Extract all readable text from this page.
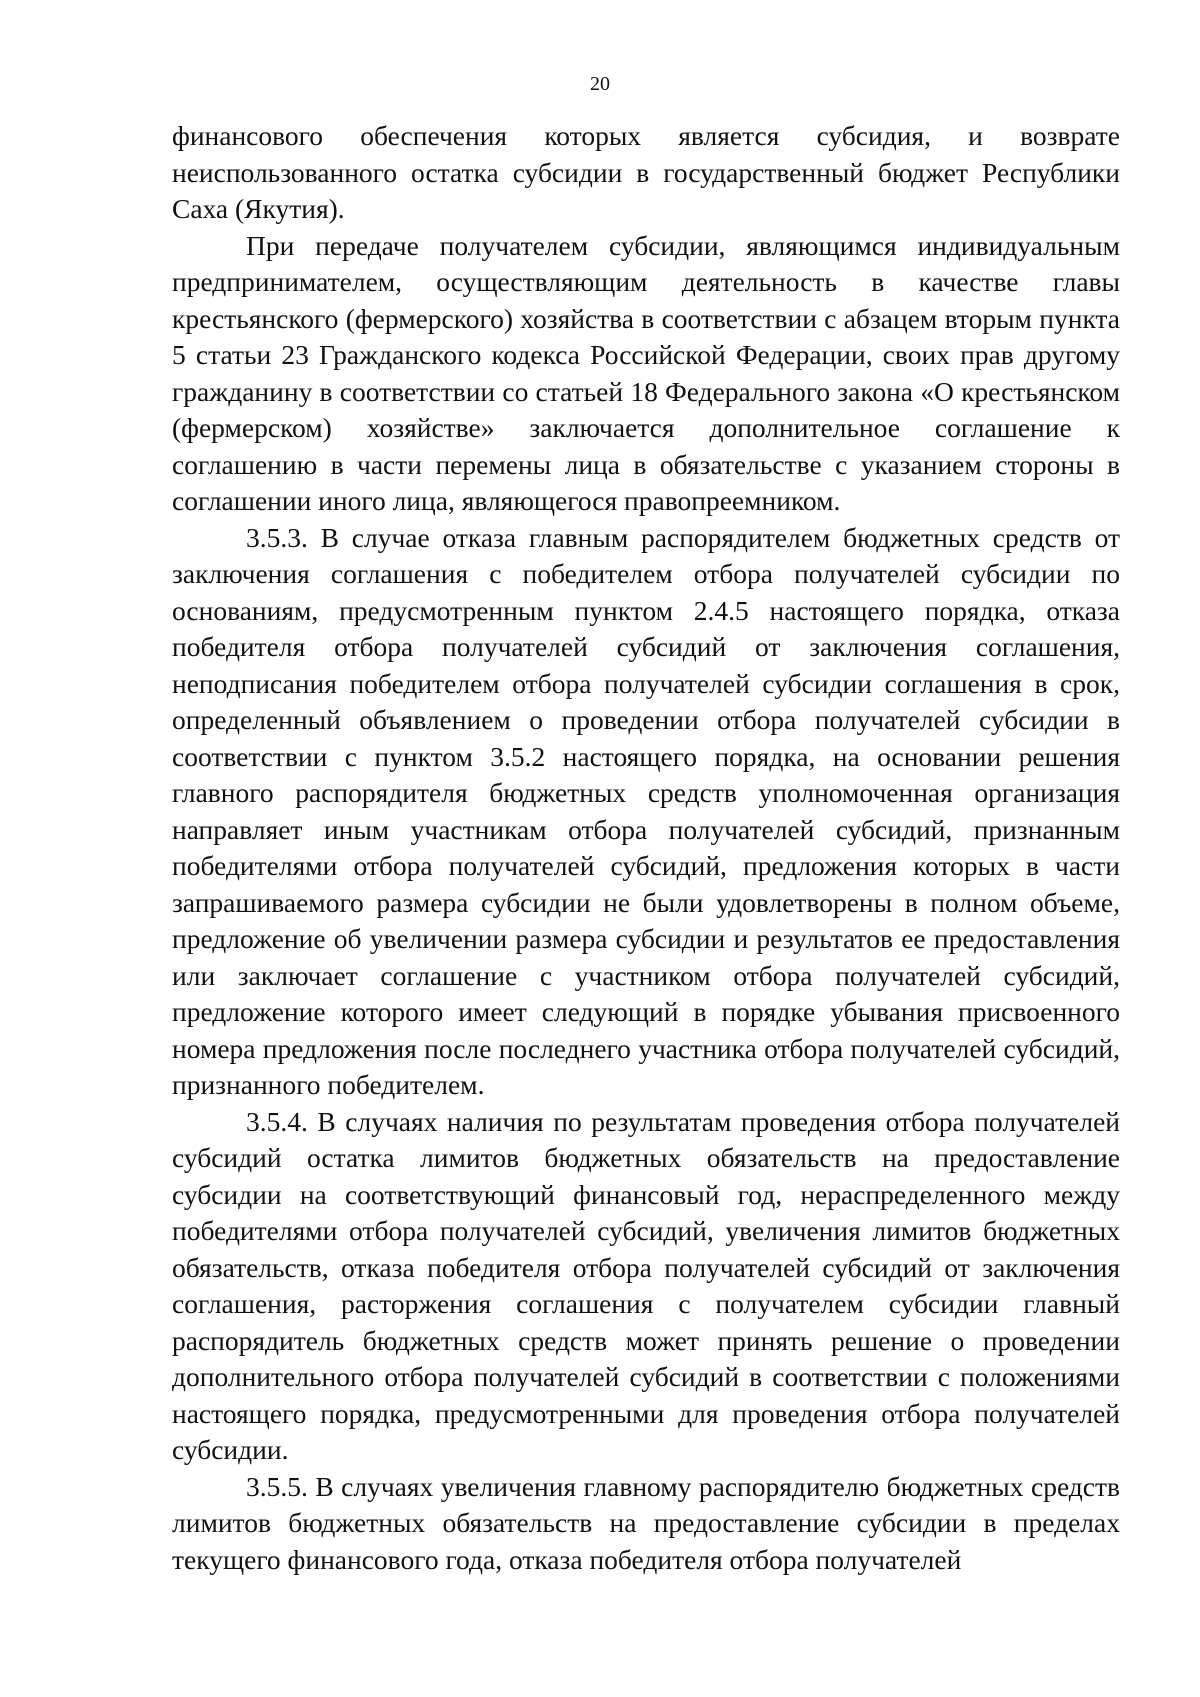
20

финансового обеспечения которых является субсидия, и возврате неиспользованного остатка субсидии в государственный бюджет Республики Саха (Якутия).

При передаче получателем субсидии, являющимся индивидуальным предпринимателем, осуществляющим деятельность в качестве главы крестьянского (фермерского) хозяйства в соответствии с абзацем вторым пункта 5 статьи 23 Гражданского кодекса Российской Федерации, своих прав другому гражданину в соответствии со статьей 18 Федерального закона «О крестьянском (фермерском) хозяйстве» заключается дополнительное соглашение к соглашению в части перемены лица в обязательстве с указанием стороны в соглашении иного лица, являющегося правопреемником.

3.5.3. В случае отказа главным распорядителем бюджетных средств от заключения соглашения с победителем отбора получателей субсидии по основаниям, предусмотренным пунктом 2.4.5 настоящего порядка, отказа победителя отбора получателей субсидий от заключения соглашения, неподписания победителем отбора получателей субсидии соглашения в срок, определенный объявлением о проведении отбора получателей субсидии в соответствии с пунктом 3.5.2 настоящего порядка, на основании решения главного распорядителя бюджетных средств уполномоченная организация направляет иным участникам отбора получателей субсидий, признанным победителями отбора получателей субсидий, предложения которых в части запрашиваемого размера субсидии не были удовлетворены в полном объеме, предложение об увеличении размера субсидии и результатов ее предоставления или заключает соглашение с участником отбора получателей субсидий, предложение которого имеет следующий в порядке убывания присвоенного номера предложения после последнего участника отбора получателей субсидий, признанного победителем.

3.5.4. В случаях наличия по результатам проведения отбора получателей субсидий остатка лимитов бюджетных обязательств на предоставление субсидии на соответствующий финансовый год, нераспределенного между победителями отбора получателей субсидий, увеличения лимитов бюджетных обязательств, отказа победителя отбора получателей субсидий от заключения соглашения, расторжения соглашения с получателем субсидии главный распорядитель бюджетных средств может принять решение о проведении дополнительного отбора получателей субсидий в соответствии с положениями настоящего порядка, предусмотренными для проведения отбора получателей субсидии.

3.5.5. В случаях увеличения главному распорядителю бюджетных средств лимитов бюджетных обязательств на предоставление субсидии в пределах текущего финансового года, отказа победителя отбора получателей
